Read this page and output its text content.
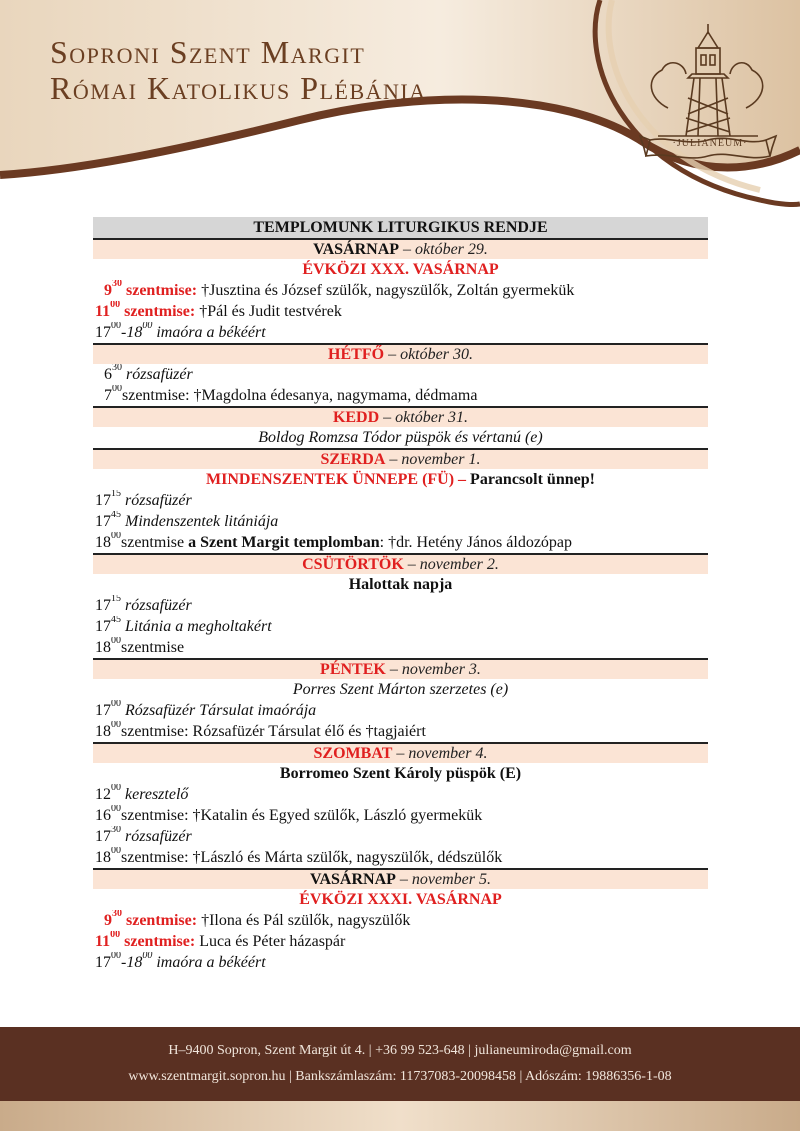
Soproni Szent Margit
Római Katolikus Plébánia
·JULIANEUM·
TEMPLOMUNK LITURGIKUS RENDJE
VASÁRNAP – október 29.
ÉVKÖZI XXX. VASÁRNAP
$9^{30}$ szentmise: †Jusztina és József szülők, nagyszülők, Zoltán gyermekük
$11^{00}$ szentmise: †Pál és Judit testvérek
$17^{00}-18^{00}$ imaóra a békéért
HÉTFŐ – október 30.
$6^{30}$ rózsafüzér
$7^{00}szentmise$: †Magdolna édesanya, nagymama, dédmama
KEDD – október 31.
Boldog Romzsa Tódor püspök és vértanú (e)
SZERDA – november 1.
MINDENSZENTEK ÜNNEPE (FÜ) – Parancsolt ünnep!
$17^{15}$ rózsafüzér
$17^{45}$ Mindenszentek litániája
$18^{00}szentmise$ a Szent Margit templomban: †dr. Hetény János áldozópap
CSÜTÖRTÖK – november 2.
Halottak napja
$17^{15}$ rózsafüzér
$17^{45}$ Litánia a megholtakért
$18^{00}szentmise$
PÉNTEK – november 3.
Porres Szent Márton szerzetes (e)
$17^{00}$ Rózsafüzér Társulat imaórája
$18^{00}szentmise$: Rózsafüzér Társulat élő és †tagjaiért
SZOMBAT – november 4.
Borromeo Szent Károly püspök (E)
$12^{00}$ keresztelő
$16^{00}szentmise$: †Katalin és Egyed szülők, László gyermekük
$17^{30}$ rózsafüzér
$18^{00}szentmise$: †László és Márta szülők, nagyszülők, dédszülők
VASÁRNAP – november 5.
ÉVKÖZI XXXI. VASÁRNAP
$9^{30}$ szentmise: †Ilona és Pál szülők, nagyszülők
$11^{00}$ szentmise: Luca és Péter házaspár
$17^{00}-18^{00}$ imaóra a békéért
H–9400 Sopron, Szent Margit út 4. | +36 99 523-648 | julianeumiroda@gmail.com
www.szentmargit.sopron.hu | Bankszámlaszám: 11737083-20098458 | Adószám: 19886356-1-08
